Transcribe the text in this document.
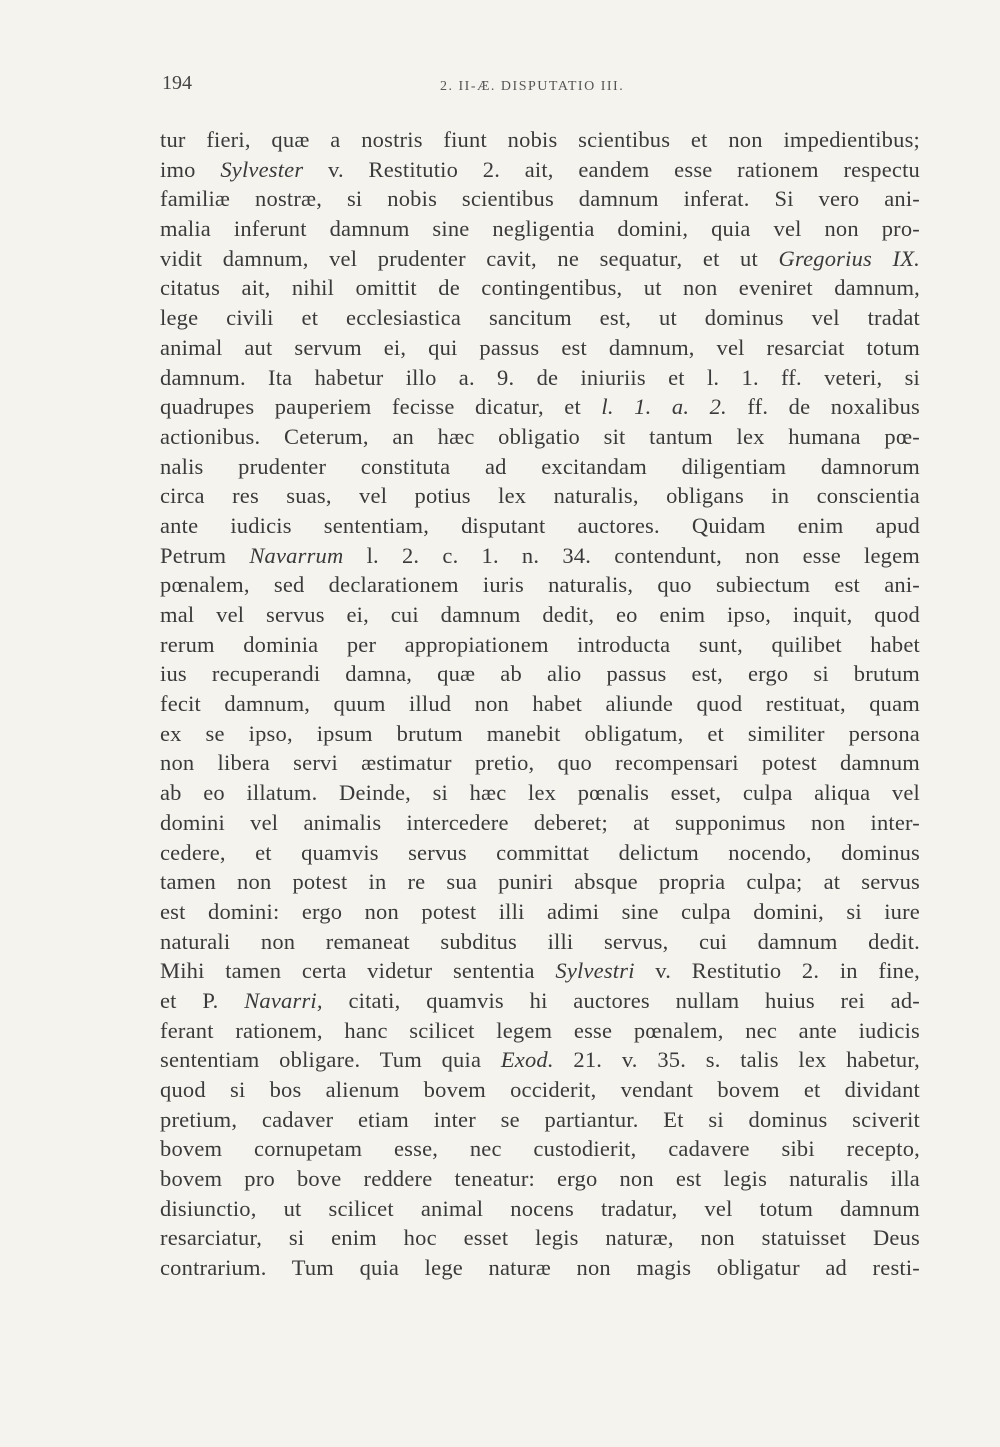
194	2. II-Æ. DISPUTATIO III.
tur fieri, quæ a nostris fiunt nobis scientibus et non impedientibus;
imo Sylvester v. Restitutio 2. ait, eandem esse rationem respectu
familiæ nostræ, si nobis scientibus damnum inferat. Si vero ani-
malia inferunt damnum sine negligentia domini, quia vel non pro-
vidit damnum, vel prudenter cavit, ne sequatur, et ut Gregorius IX.
citatus ait, nihil omittit de contingentibus, ut non eveniret damnum,
lege civili et ecclesiastica sancitum est, ut dominus vel tradat
animal aut servum ei, qui passus est damnum, vel resarciat totum
damnum. Ita habetur illo a. 9. de iniuriis et l. 1. ff. veteri, si
quadrupes pauperiem fecisse dicatur, et l. 1. a. 2. ff. de noxalibus
actionibus. Ceterum, an hæc obligatio sit tantum lex humana pœ-
nalis prudenter constituta ad excitandam diligentiam damnorum
circa res suas, vel potius lex naturalis, obligans in conscientia
ante iudicis sententiam, disputant auctores. Quidam enim apud
Petrum Navarrum l. 2. c. 1. n. 34. contendunt, non esse legem
pœnalem, sed declarationem iuris naturalis, quo subiectum est ani-
mal vel servus ei, cui damnum dedit, eo enim ipso, inquit, quod
rerum dominia per appropiationem introducta sunt, quilibet habet
ius recuperandi damna, quæ ab alio passus est, ergo si brutum
fecit damnum, quum illud non habet aliunde quod restituat, quam
ex se ipso, ipsum brutum manebit obligatum, et similiter persona
non libera servi æstimatur pretio, quo recompensari potest damnum
ab eo illatum. Deinde, si hæc lex pœnalis esset, culpa aliqua vel
domini vel animalis intercedere deberet; at supponimus non inter-
cedere, et quamvis servus committat delictum nocendo, dominus
tamen non potest in re sua puniri absque propria culpa; at servus
est domini: ergo non potest illi adimi sine culpa domini, si iure
naturali non remaneat subditus illi servus, cui damnum dedit.
Mihi tamen certa videtur sententia Sylvestri v. Restitutio 2. in fine,
et P. Navarri, citati, quamvis hi auctores nullam huius rei ad-
ferant rationem, hanc scilicet legem esse pœnalem, nec ante iudicis
sententiam obligare. Tum quia Exod. 21. v. 35. s. talis lex habetur,
quod si bos alienum bovem occiderit, vendant bovem et dividant
pretium, cadaver etiam inter se partiantur. Et si dominus sciverit
bovem cornupetam esse, nec custodierit, cadavere sibi recepto,
bovem pro bove reddere teneatur: ergo non est legis naturalis illa
disiunctio, ut scilicet animal nocens tradatur, vel totum damnum
resarciatur, si enim hoc esset legis naturæ, non statuisset Deus
contrarium. Tum quia lege naturæ non magis obligatur ad resti-
